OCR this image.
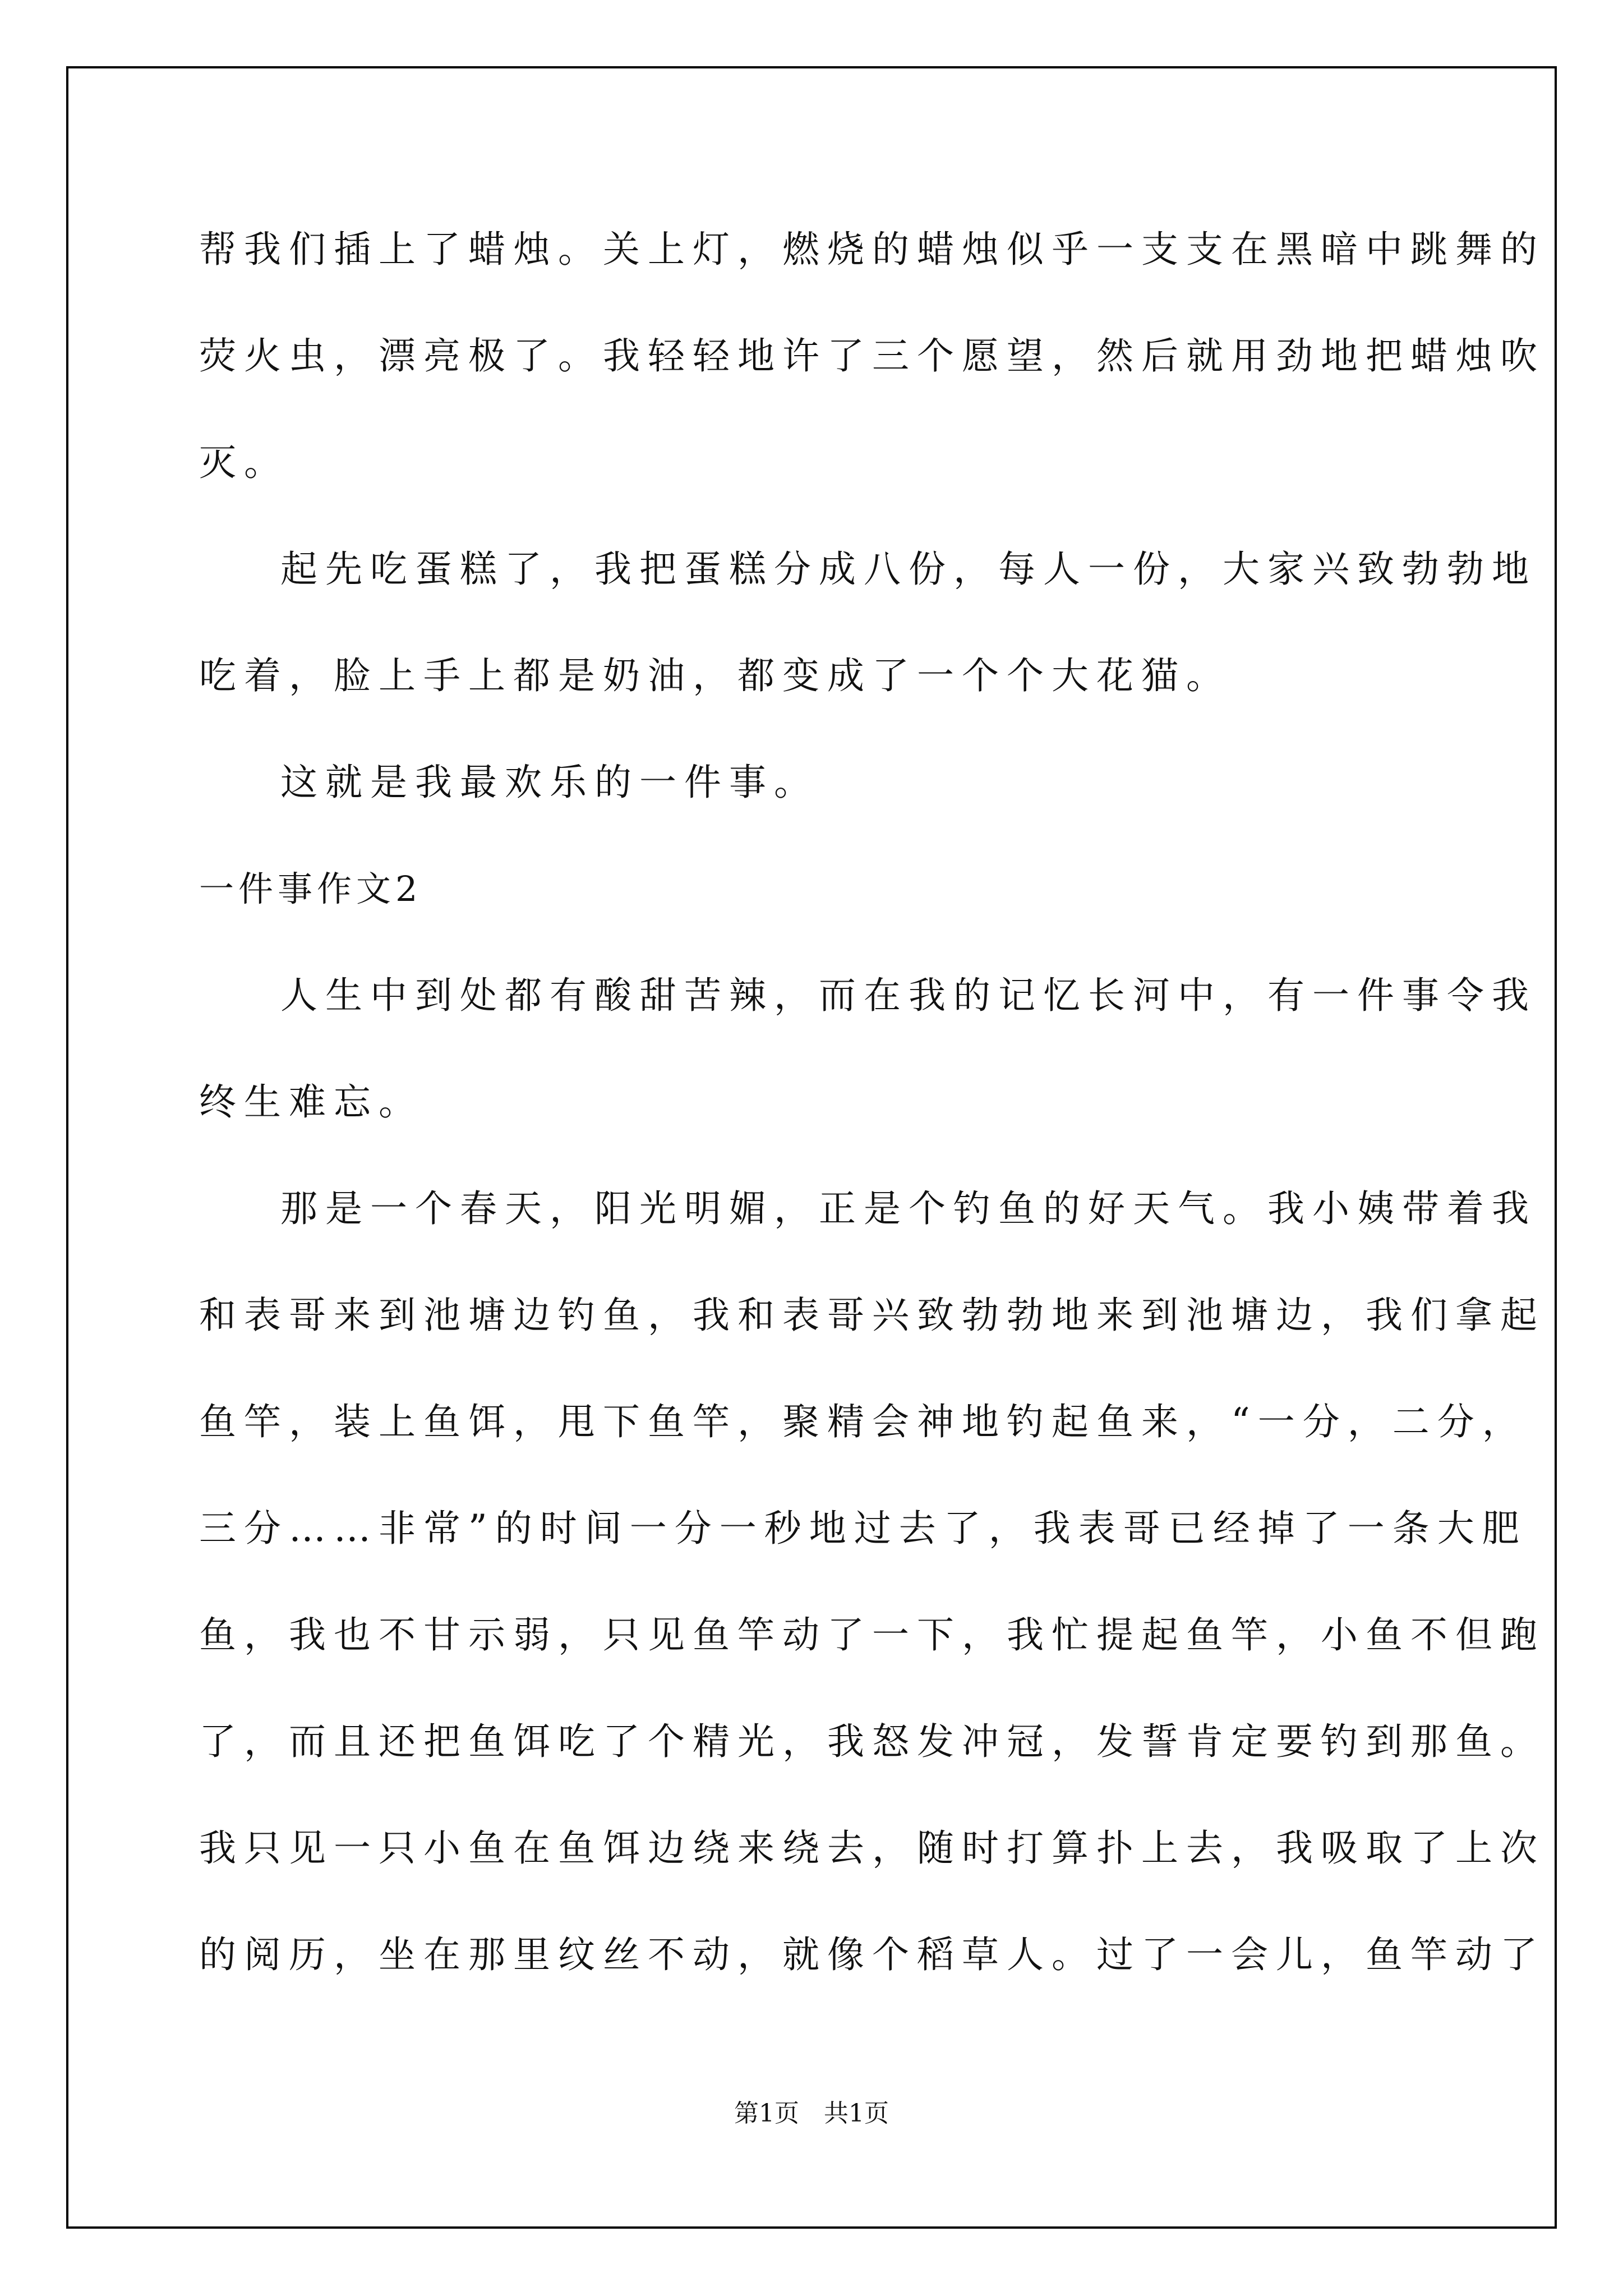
帮我们插上了蜡烛。关上灯，燃烧的蜡烛似乎一支支在黑暗中跳舞的
荧火虫，漂亮极了。我轻轻地许了三个愿望，然后就用劲地把蜡烛吹
灭。
起先吃蛋糕了，我把蛋糕分成八份，每人一份，大家兴致勃勃地
吃着，脸上手上都是奶油，都变成了一个个大花猫。
这就是我最欢乐的一件事。
一件事作文2
人生中到处都有酸甜苦辣，而在我的记忆长河中，有一件事令我
终生难忘。
那是一个春天，阳光明媚，正是个钓鱼的好天气。我小姨带着我
和表哥来到池塘边钓鱼，我和表哥兴致勃勃地来到池塘边，我们拿起
鱼竿，装上鱼饵，甩下鱼竿，聚精会神地钓起鱼来，“一分，二分，
三分……非常”的时间一分一秒地过去了，我表哥已经掉了一条大肥
鱼，我也不甘示弱，只见鱼竿动了一下，我忙提起鱼竿，小鱼不但跑
了，而且还把鱼饵吃了个精光，我怒发冲冠，发誓肯定要钓到那鱼。
我只见一只小鱼在鱼饵边绕来绕去，随时打算扑上去，我吸取了上次
的阅历，坐在那里纹丝不动，就像个稻草人。过了一会儿，鱼竿动了
第1页　共1页
